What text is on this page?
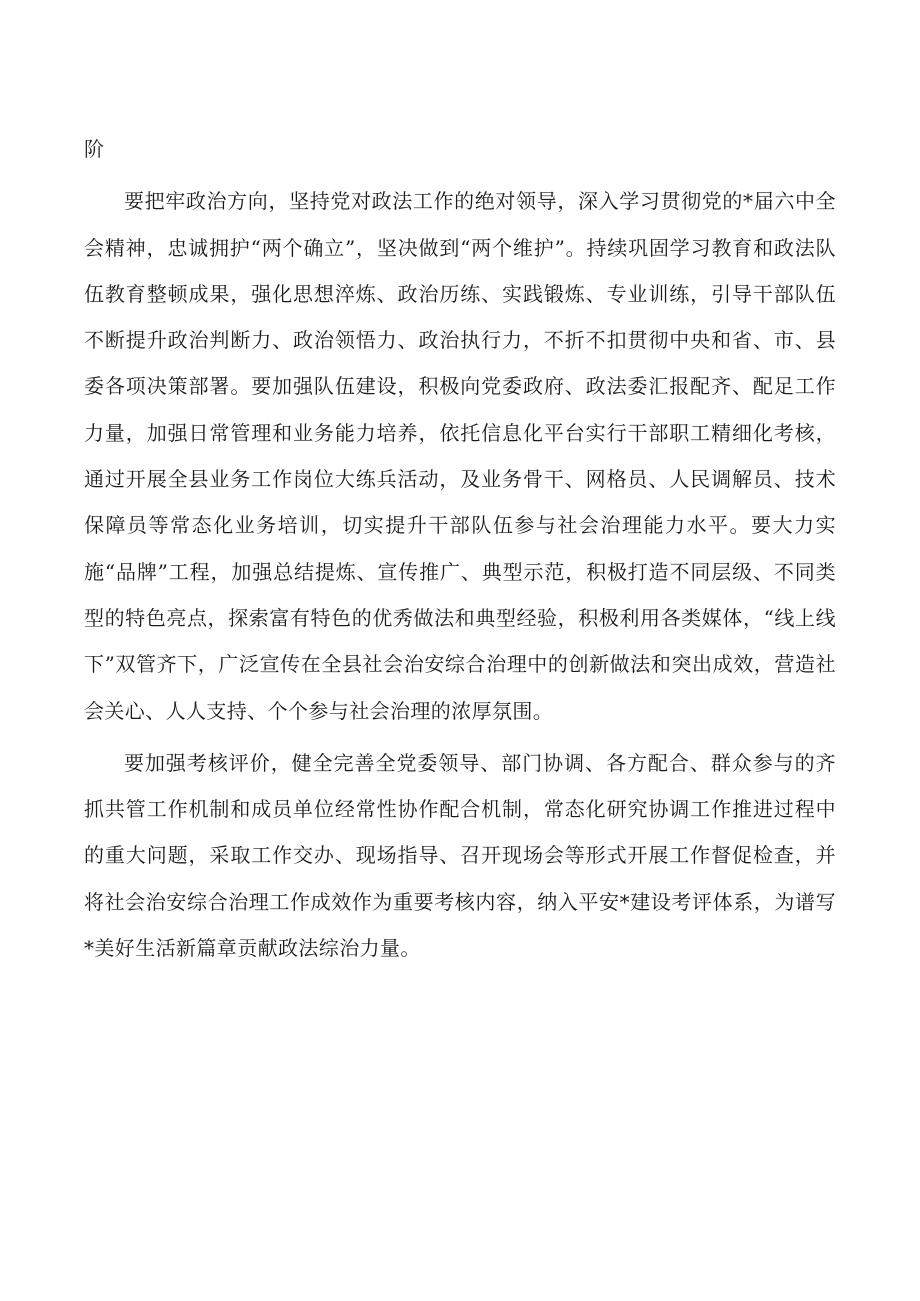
阶

要把牢政治方向，坚持党对政法工作的绝对领导，深入学习贯彻党的*届六中全会精神，忠诚拥护“两个确立”，坚决做到“两个维护”。持续巩固学习教育和政法队伍教育整顿成果，强化思想淬炼、政治历练、实践锻炼、专业训练，引导干部队伍不断提升政治判断力、政治领悟力、政治执行力，不折不扣贯彻中央和省、市、县委各项决策部署。要加强队伍建设，积极向党委政府、政法委汇报配齐、配足工作力量，加强日常管理和业务能力培养，依托信息化平台实行干部职工精细化考核，通过开展全县业务工作岗位大练兵活动，及业务骨干、网格员、人民调解员、技术保障员等常态化业务培训，切实提升干部队伍参与社会治理能力水平。要大力实施“品牌”工程，加强总结提炼、宣传推广、典型示范，积极打造不同层级、不同类型的特色亮点，探索富有特色的优秀做法和典型经验，积极利用各类媒体，“线上线下”双管齐下，广泛宣传在全县社会治安综合治理中的创新做法和突出成效，营造社会关心、人人支持、个个参与社会治理的浓厚氛围。

要加强考核评价，健全完善全党委领导、部门协调、各方配合、群众参与的齐抓共管工作机制和成员单位经常性协作配合机制，常态化研究协调工作推进过程中的重大问题，采取工作交办、现场指导、召开现场会等形式开展工作督促检查，并将社会治安综合治理工作成效作为重要考核内容，纳入平安*建设考评体系，为谱写*美好生活新篇章贡献政法综治力量。
